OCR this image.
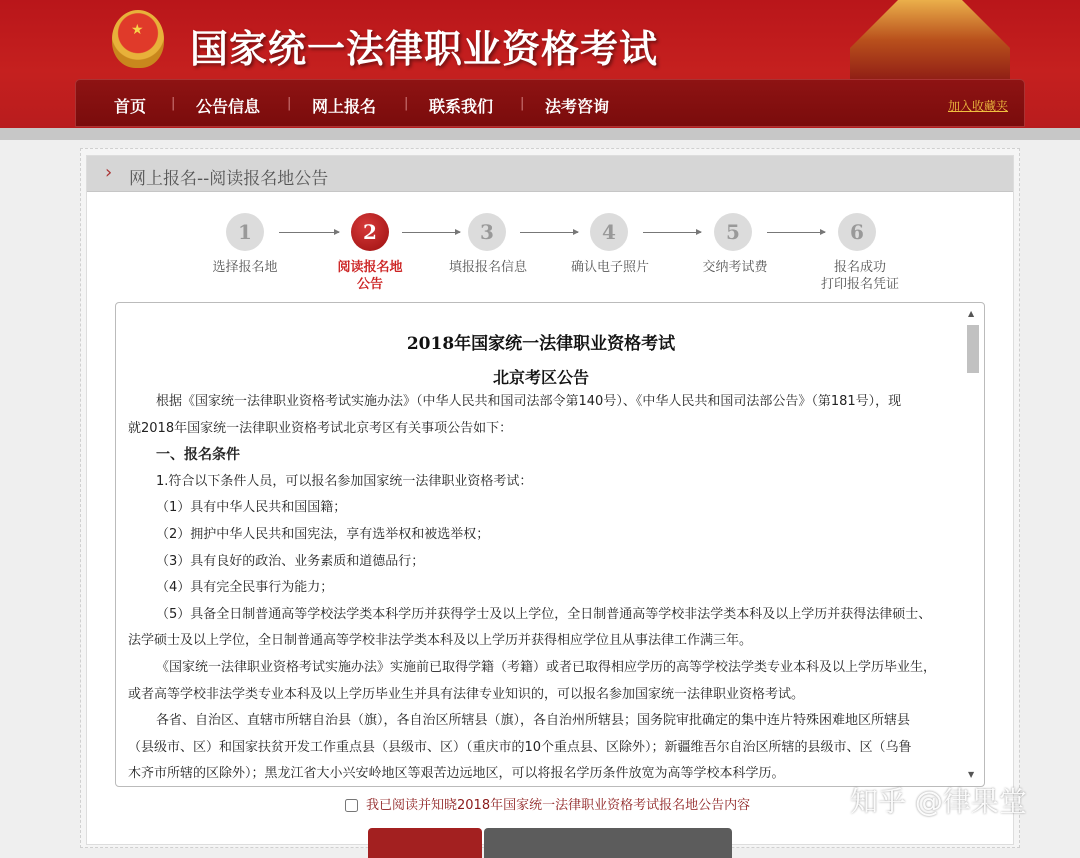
★ 国家统一法律职业资格考试
首页 | 公告信息 | 网上报名 | 联系我们 | 法考咨询	加入收藏夹
› 网上报名--阅读报名地公告
1	2	3	4	5	6
选择报名地	阅读报名地
公告
填报报名信息	确认电子照片	交纳考试费	报名成功
打印报名凭证
2018年国家统一法律职业资格考试
北京考区公告
根据《国家统一法律职业资格考试实施办法》（中华人民共和国司法部令第140号）、《中华人民共和国司法部公告》（第181号），现
就2018年国家统一法律职业资格考试北京考区有关事项公告如下：
一、报名条件
1.符合以下条件人员，可以报名参加国家统一法律职业资格考试：
（1）具有中华人民共和国国籍；
（2）拥护中华人民共和国宪法，享有选举权和被选举权；
（3）具有良好的政治、业务素质和道德品行；
（4）具有完全民事行为能力；
（5）具备全日制普通高等学校法学类本科学历并获得学士及以上学位，全日制普通高等学校非法学类本科及以上学历并获得法律硕士、
法学硕士及以上学位，全日制普通高等学校非法学类本科及以上学历并获得相应学位且从事法律工作满三年。
《国家统一法律职业资格考试实施办法》实施前已取得学籍（考籍）或者已取得相应学历的高等学校法学类专业本科及以上学历毕业生，
或者高等学校非法学类专业本科及以上学历毕业生并具有法律专业知识的，可以报名参加国家统一法律职业资格考试。
各省、自治区、直辖市所辖自治县（旗），各自治区所辖县（旗），各自治州所辖县；国务院审批确定的集中连片特殊困难地区所辖县
（县级市、区）和国家扶贫开发工作重点县（县级市、区）（重庆市的10个重点县、区除外）；新疆维吾尔自治区所辖的县级市、区（乌鲁
木齐市所辖的区除外）；黑龙江省大小兴安岭地区等艰苦边远地区，可以将报名学历条件放宽为高等学校本科学历。
▲
▼
我已阅读并知晓2018年国家统一法律职业资格考试报名地公告内容	知乎 @律果堂
